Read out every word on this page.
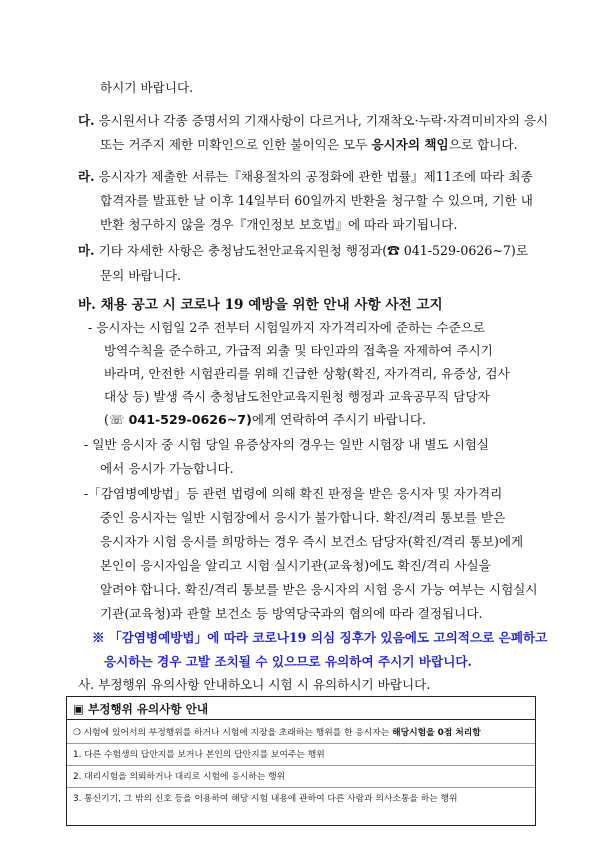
하시기 바랍니다.
다. 응시원서나 각종 증명서의 기재사항이 다르거나, 기재착오·누락·자격미비자의 응시
또는 거주지 제한 미확인으로 인한 불이익은 모두 응시자의 책임으로 합니다.
라. 응시자가 제출한 서류는『채용절차의 공정화에 관한 법률』제11조에 따라 최종
합격자를 발표한 날 이후 14일부터 60일까지 반환을 청구할 수 있으며, 기한 내
반환 청구하지 않을 경우『개인정보 보호법』에 따라 파기됩니다.
마. 기타 자세한 사항은 충청남도천안교육지원청 행정과(☎ 041-529-0626~7)로
문의 바랍니다.
바. 채용 공고 시 코로나 19 예방을 위한 안내 사항 사전 고지
- 응시자는 시험일 2주 전부터 시험일까지 자가격리자에 준하는 수준으로
방역수칙을 준수하고, 가급적 외출 및 타인과의 접촉을 자제하여 주시기
바라며, 안전한 시험관리를 위해 긴급한 상황(확진, 자가격리, 유증상, 검사
대상 등) 발생 즉시 충청남도천안교육지원청 행정과 교육공무직 담당자
(☏ 041-529-0626~7)에게 연락하여 주시기 바랍니다.
- 일반 응시자 중 시험 당일 유증상자의 경우는 일반 시험장 내 별도 시험실
에서 응시가 가능합니다.
-「감염병예방법」등 관련 법령에 의해 확진 판정을 받은 응시자 및 자가격리
중인 응시자는 일반 시험장에서 응시가 불가합니다. 확진/격리 통보를 받은
응시자가 시험 응시를 희망하는 경우 즉시 보건소 담당자(확진/격리 통보)에게
본인이 응시자임을 알리고 시험 실시기관(교육청)에도 확진/격리 사실을
알려야 합니다. 확진/격리 통보를 받은 응시자의 시험 응시 가능 여부는 시험실시
기관(교육청)과 관할 보건소 등 방역당국과의 협의에 따라 결정됩니다.
※ 「감염병예방법」에 따라 코로나19 의심 징후가 있음에도 고의적으로 은폐하고
응시하는 경우 고발 조치될 수 있으므로 유의하여 주시기 바랍니다.
사. 부정행위 유의사항 안내하오니 시험 시 유의하시기 바랍니다.
▣ 부정행위 유의사항 안내
❍ 시험에 있어서의 부정행위를 하거나 시험에 지장을 초래하는 행위를 한 응시자는 해당시험을 0점 처리함
1. 다른 수험생의 답안지를 보거나 본인의 답안지를 보여주는 행위
2. 대리시험을 의뢰하거나 대리로 시험에 응시하는 행위
3. 통신기기, 그 밖의 신호 등을 이용하여 해당 시험 내용에 관하여 다른 사람과 의사소통을 하는 행위
